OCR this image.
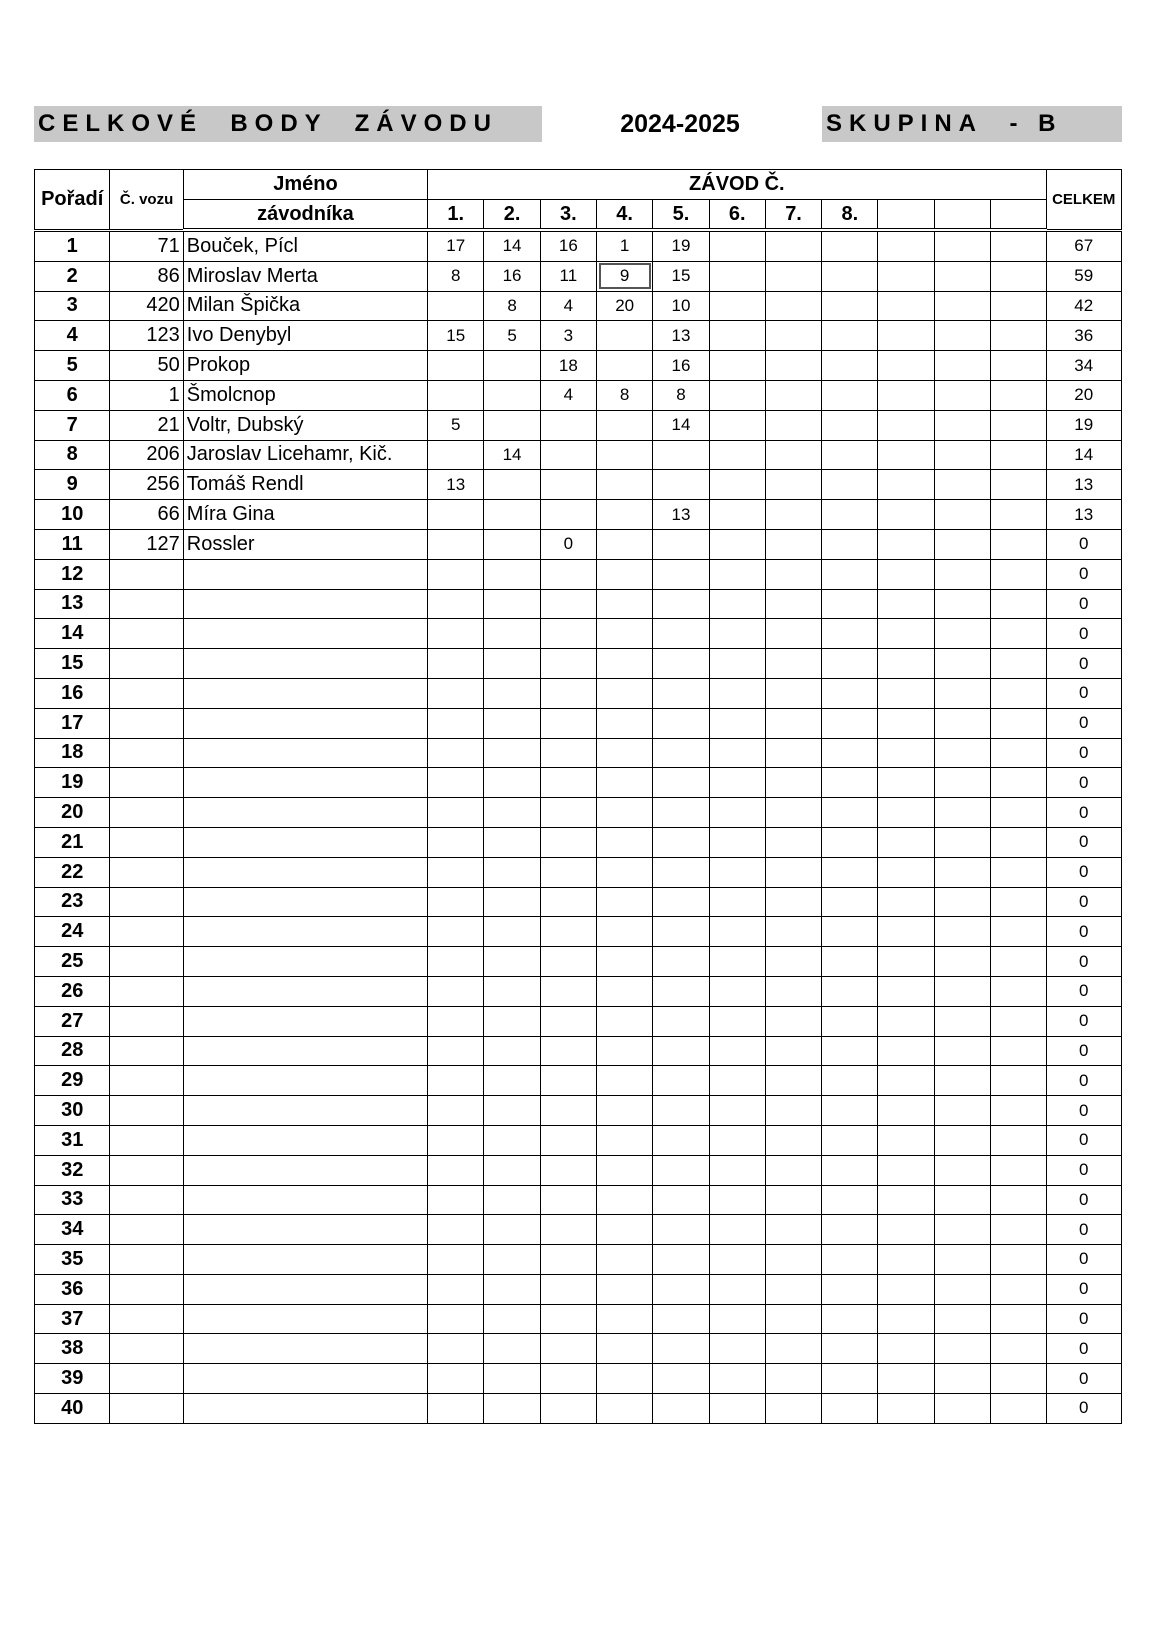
CELKOVÉ  BODY  ZÁVODU	2024-2025	SKUPINA  - B
Pořadí	Č. vozu	Jméno	ZÁVOD Č.											CELKEM
		závodníka	1.	2.	3.	4.	5.	6.	7.	8.				
1	71	Bouček, Pícl	17	14	16	1	19							67
2	86	Miroslav Merta	8	16	11	9	15							59
3	420	Milan Špička		8	4	20	10							42
4	123	Ivo Denybyl	15	5	3		13							36
5	50	Prokop			18		16							34
6	1	Šmolcnop			4	8	8							20
7	21	Voltr, Dubský	5				14							19
8	206	Jaroslav Licehamr, Kič.		14										14
9	256	Tomáš Rendl	13											13
10	66	Míra Gina					13							13
11	127	Rossler			0									0
12														0
13														0
14														0
15														0
16														0
17														0
18														0
19														0
20														0
21														0
22														0
23														0
24														0
25														0
26														0
27														0
28														0
29														0
30														0
31														0
32														0
33														0
34														0
35														0
36														0
37														0
38														0
39														0
40														0
